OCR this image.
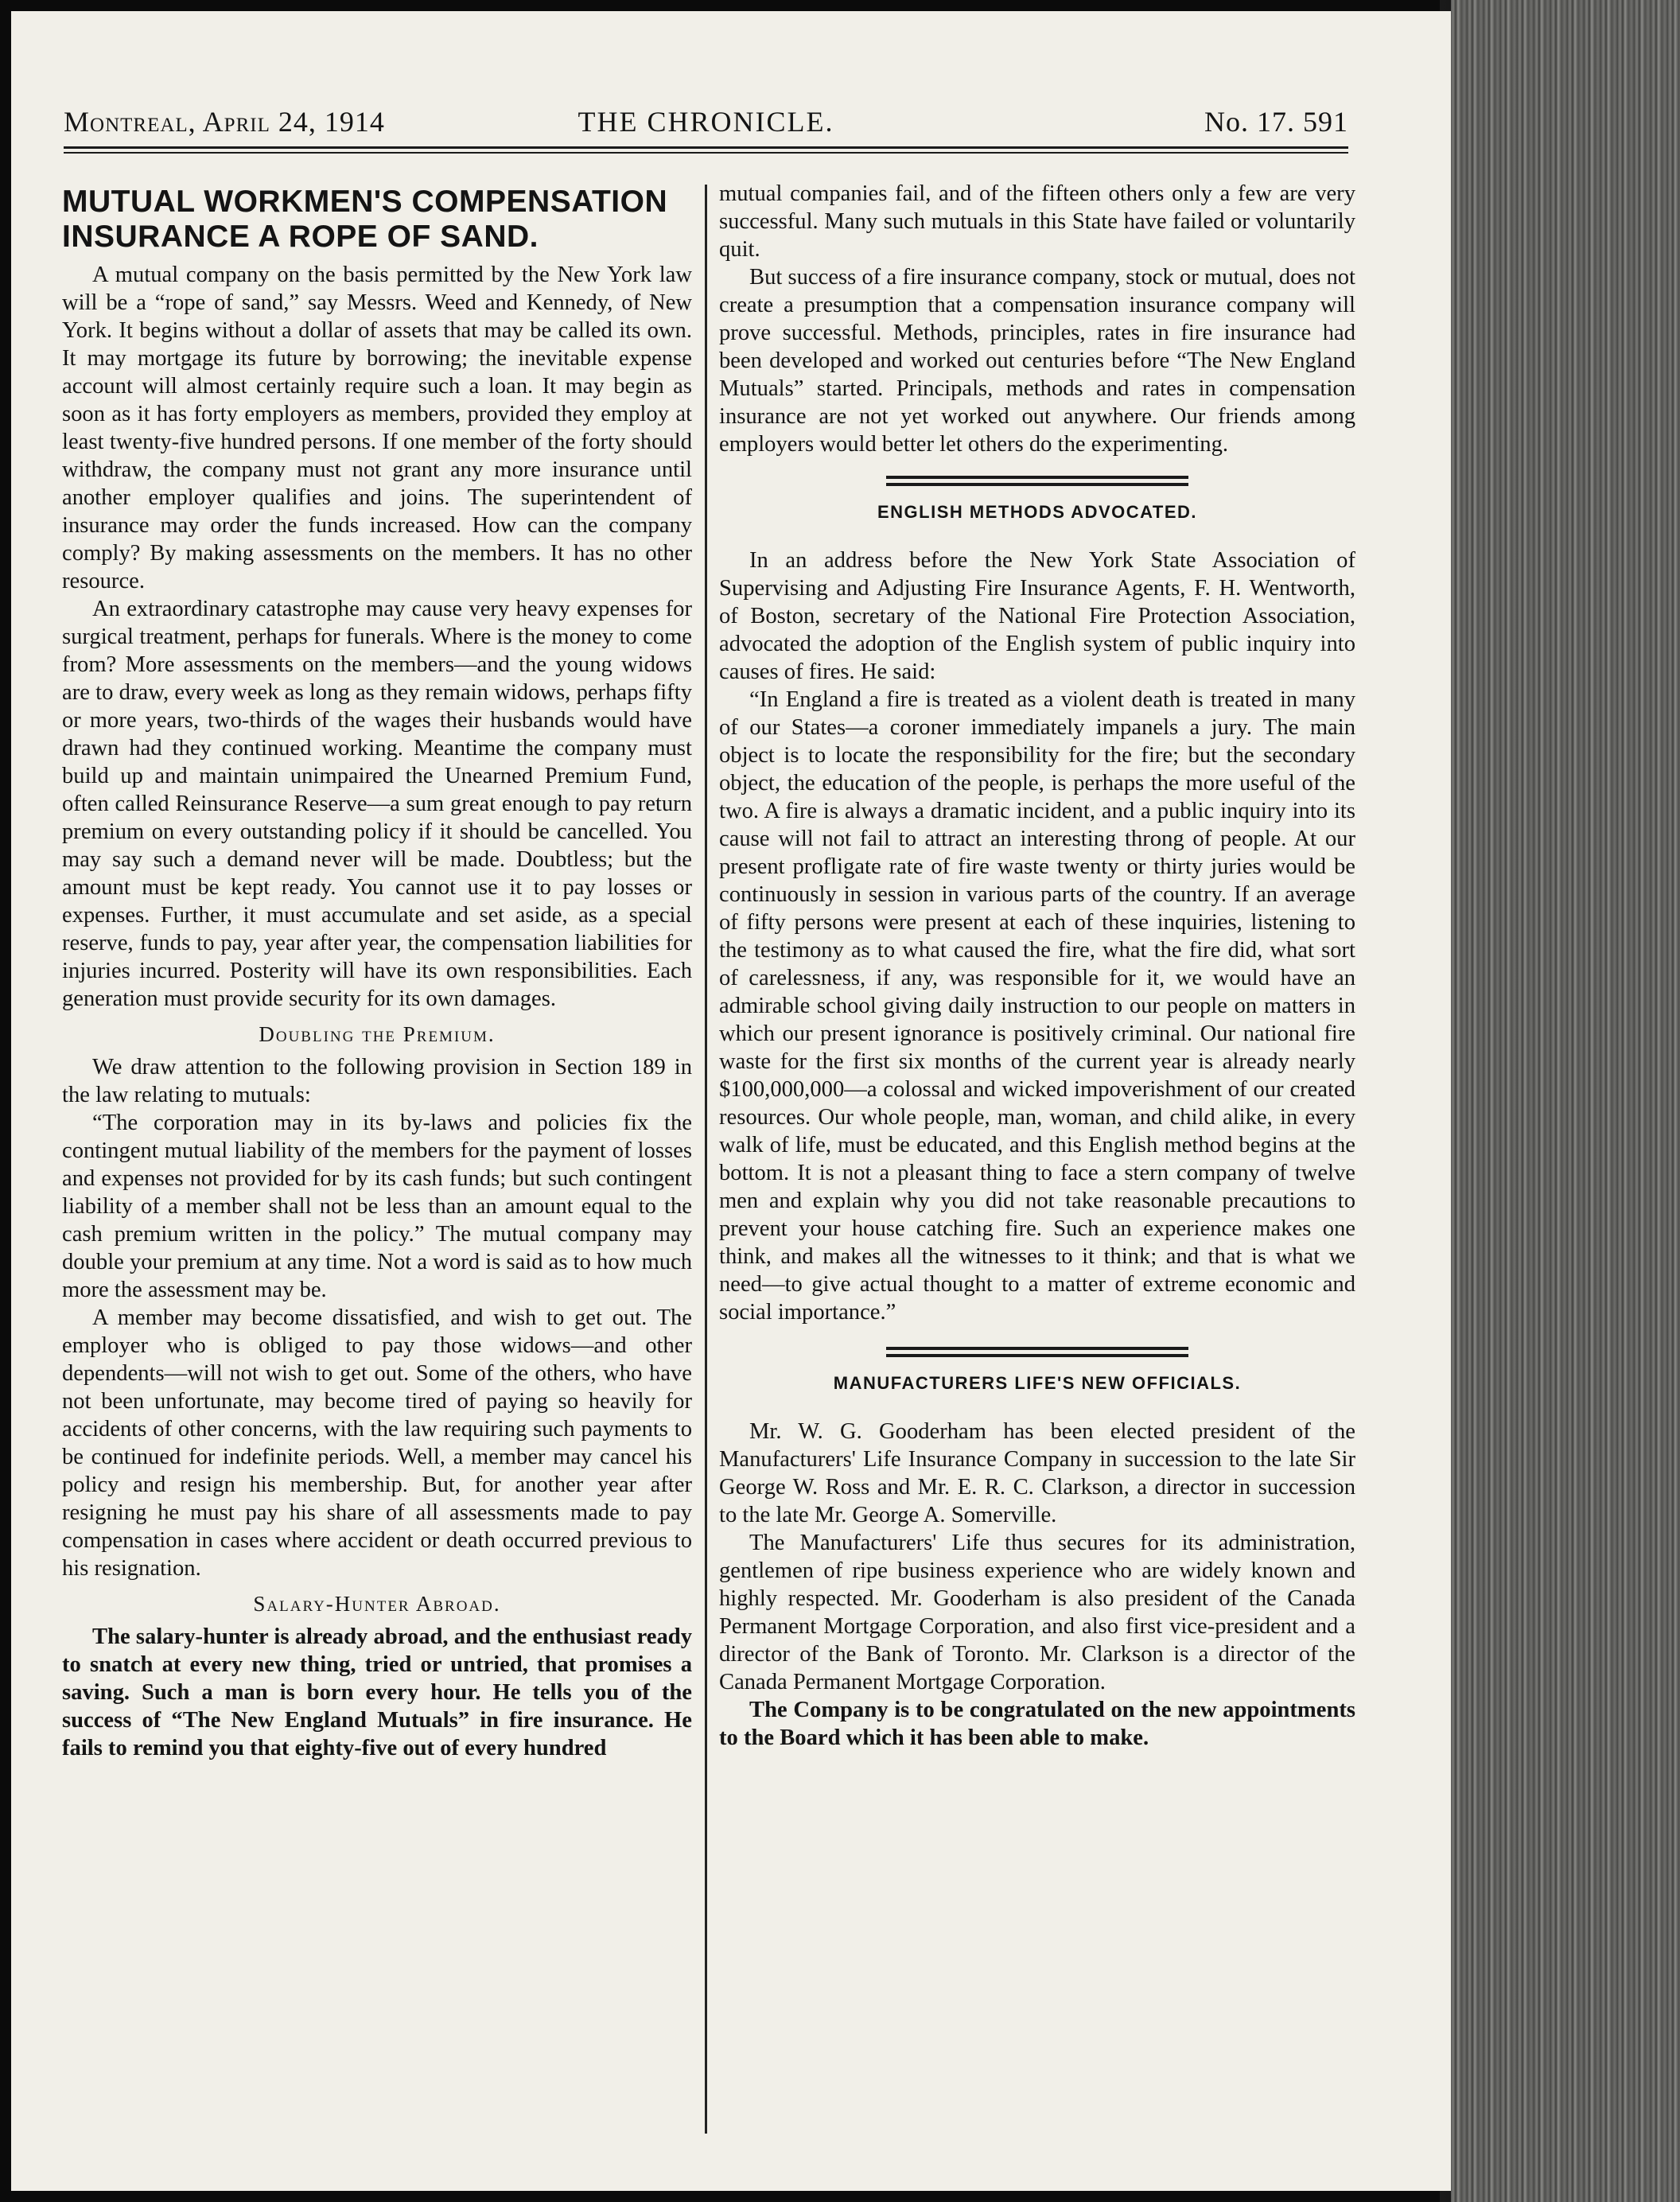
Montreal, April 24, 1914	THE CHRONICLE.	No. 17. 591
MUTUAL WORKMEN'S COMPENSATION INSURANCE A ROPE OF SAND.

A mutual company on the basis permitted by the New York law will be a “rope of sand,” say Messrs. Weed and Kennedy, of New York. It begins without a dollar of assets that may be called its own. It may mortgage its future by borrowing; the inevitable expense account will almost certainly require such a loan. It may begin as soon as it has forty employers as members, provided they employ at least twenty-five hundred persons. If one member of the forty should withdraw, the company must not grant any more insurance until another employer qualifies and joins. The superintendent of insurance may order the funds increased. How can the company comply? By making assessments on the members. It has no other resource.

An extraordinary catastrophe may cause very heavy expenses for surgical treatment, perhaps for funerals. Where is the money to come from? More assessments on the members—and the young widows are to draw, every week as long as they remain widows, perhaps fifty or more years, two-thirds of the wages their husbands would have drawn had they continued working. Meantime the company must build up and maintain unimpaired the Unearned Premium Fund, often called Reinsurance Reserve—a sum great enough to pay return premium on every outstanding policy if it should be cancelled. You may say such a demand never will be made. Doubtless; but the amount must be kept ready. You cannot use it to pay losses or expenses. Further, it must accumulate and set aside, as a special reserve, funds to pay, year after year, the compensation liabilities for injuries incurred. Posterity will have its own responsibilities. Each generation must provide security for its own damages.

Doubling the Premium.

We draw attention to the following provision in Section 189 in the law relating to mutuals:

“The corporation may in its by-laws and policies fix the contingent mutual liability of the members for the payment of losses and expenses not provided for by its cash funds; but such contingent liability of a member shall not be less than an amount equal to the cash premium written in the policy.” The mutual company may double your premium at any time. Not a word is said as to how much more the assessment may be.

A member may become dissatisfied, and wish to get out. The employer who is obliged to pay those widows—and other dependents—will not wish to get out. Some of the others, who have not been unfortunate, may become tired of paying so heavily for accidents of other concerns, with the law requiring such payments to be continued for indefinite periods. Well, a member may cancel his policy and resign his membership. But, for another year after resigning he must pay his share of all assessments made to pay compensation in cases where accident or death occurred previous to his resignation.

Salary-Hunter Abroad.

The salary-hunter is already abroad, and the enthusiast ready to snatch at every new thing, tried or untried, that promises a saving. Such a man is born every hour. He tells you of the success of “The New England Mutuals” in fire insurance. He fails to remind you that eighty-five out of every hundred

mutual companies fail, and of the fifteen others only a few are very successful. Many such mutuals in this State have failed or voluntarily quit.

But success of a fire insurance company, stock or mutual, does not create a presumption that a compensation insurance company will prove successful. Methods, principles, rates in fire insurance had been developed and worked out centuries before “The New England Mutuals” started. Principals, methods and rates in compensation insurance are not yet worked out anywhere. Our friends among employers would better let others do the experimenting.

ENGLISH METHODS ADVOCATED.

In an address before the New York State Association of Supervising and Adjusting Fire Insurance Agents, F. H. Wentworth, of Boston, secretary of the National Fire Protection Association, advocated the adoption of the English system of public inquiry into causes of fires. He said:

“In England a fire is treated as a violent death is treated in many of our States—a coroner immediately impanels a jury. The main object is to locate the responsibility for the fire; but the secondary object, the education of the people, is perhaps the more useful of the two. A fire is always a dramatic incident, and a public inquiry into its cause will not fail to attract an interesting throng of people. At our present profligate rate of fire waste twenty or thirty juries would be continuously in session in various parts of the country. If an average of fifty persons were present at each of these inquiries, listening to the testimony as to what caused the fire, what the fire did, what sort of carelessness, if any, was responsible for it, we would have an admirable school giving daily instruction to our people on matters in which our present ignorance is positively criminal. Our national fire waste for the first six months of the current year is already nearly $100,000,000—a colossal and wicked impoverishment of our created resources. Our whole people, man, woman, and child alike, in every walk of life, must be educated, and this English method begins at the bottom. It is not a pleasant thing to face a stern company of twelve men and explain why you did not take reasonable precautions to prevent your house catching fire. Such an experience makes one think, and makes all the witnesses to it think; and that is what we need—to give actual thought to a matter of extreme economic and social importance.”

MANUFACTURERS LIFE'S NEW OFFICIALS.

Mr. W. G. Gooderham has been elected president of the Manufacturers' Life Insurance Company in succession to the late Sir George W. Ross and Mr. E. R. C. Clarkson, a director in succession to the late Mr. George A. Somerville.

The Manufacturers' Life thus secures for its administration, gentlemen of ripe business experience who are widely known and highly respected. Mr. Gooderham is also president of the Canada Permanent Mortgage Corporation, and also first vice-president and a director of the Bank of Toronto. Mr. Clarkson is a director of the Canada Permanent Mortgage Corporation.

The Company is to be congratulated on the new appointments to the Board which it has been able to make.
